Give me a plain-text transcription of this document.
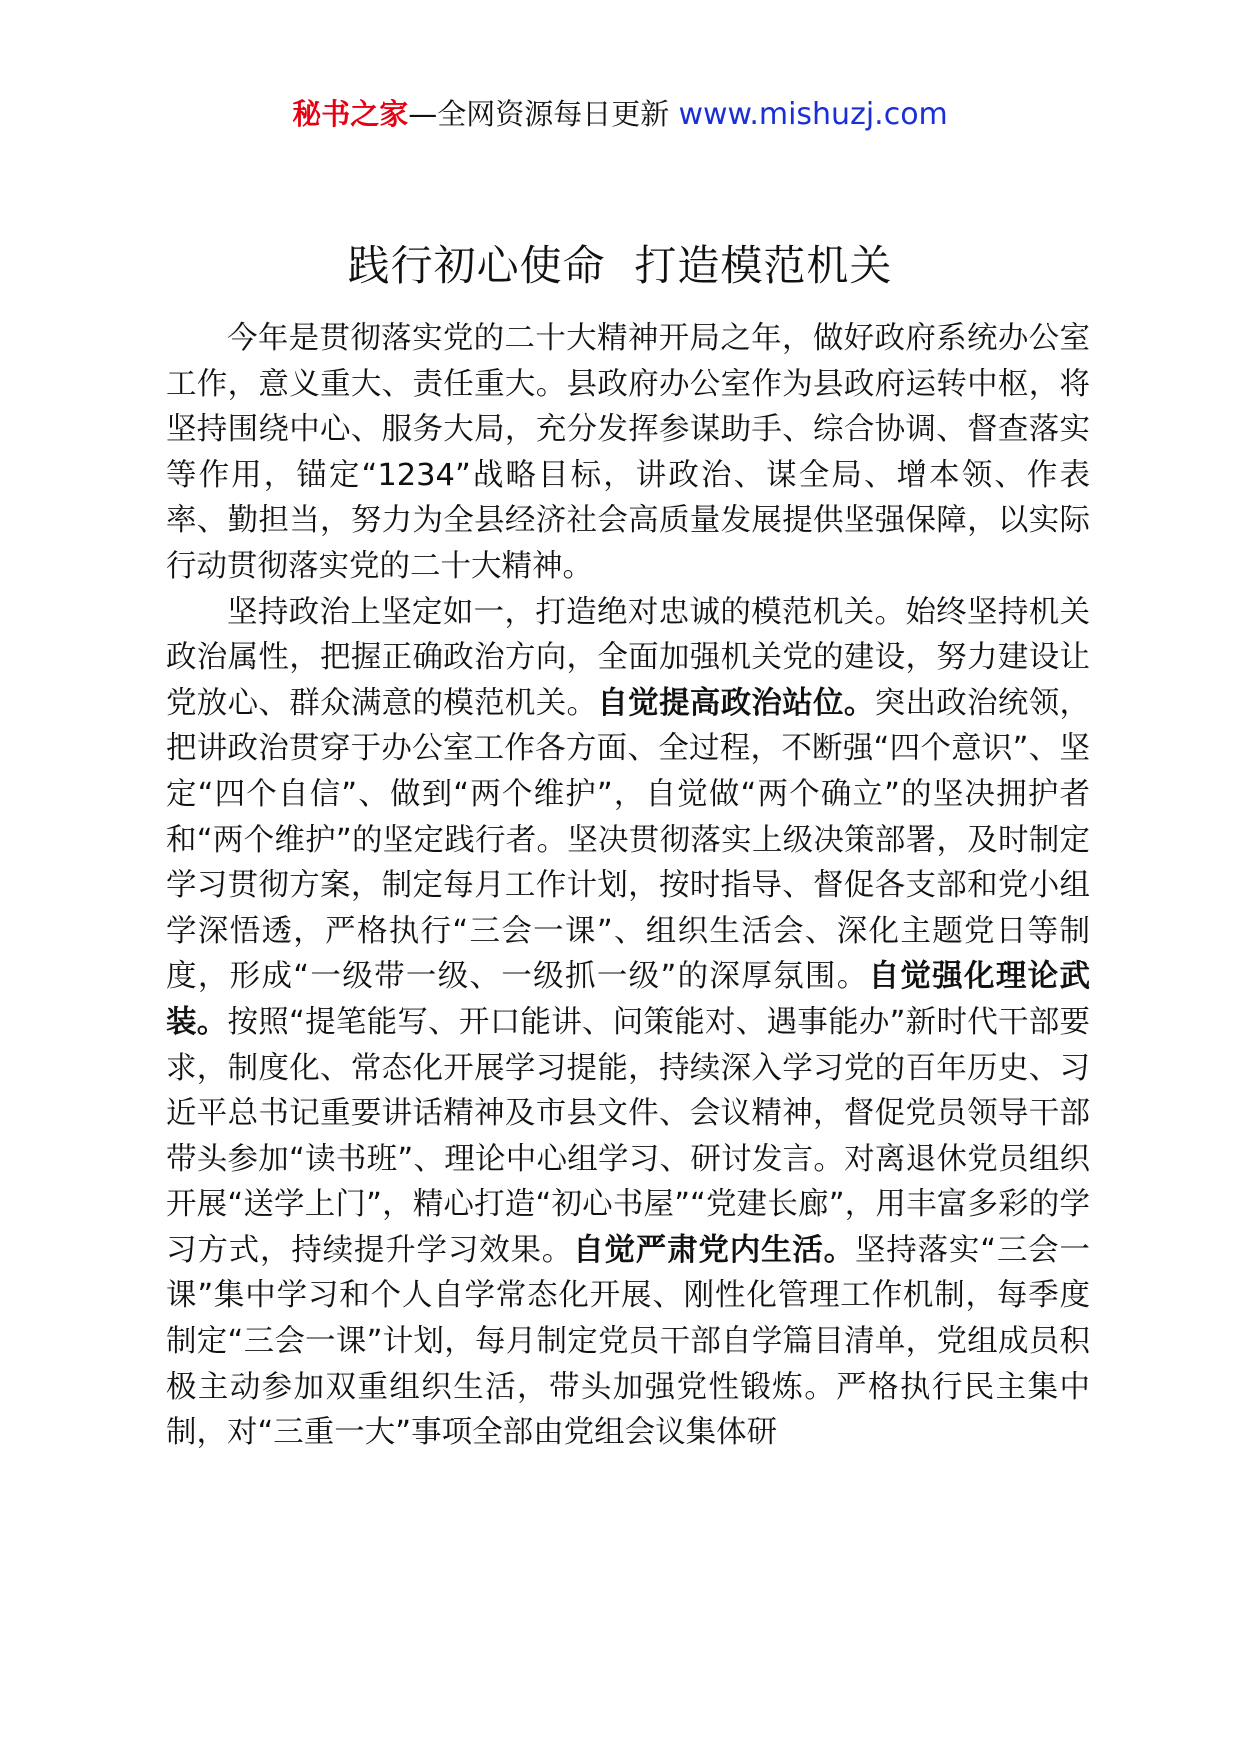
秘书之家—全网资源每日更新 www.mishuzj.com
践行初心使命  打造模范机关

今年是贯彻落实党的二十大精神开局之年，做好政府系统办公室工作，意义重大、责任重大。县政府办公室作为县政府运转中枢，将坚持围绕中心、服务大局，充分发挥参谋助手、综合协调、督查落实等作用，锚定“1234”战略目标，讲政治、谋全局、增本领、作表率、勤担当，努力为全县经济社会高质量发展提供坚强保障，以实际行动贯彻落实党的二十大精神。

坚持政治上坚定如一，打造绝对忠诚的模范机关。始终坚持机关政治属性，把握正确政治方向，全面加强机关党的建设，努力建设让党放心、群众满意的模范机关。自觉提高政治站位。突出政治统领，把讲政治贯穿于办公室工作各方面、全过程，不断强“四个意识”、坚定“四个自信”、做到“两个维护”，自觉做“两个确立”的坚决拥护者和“两个维护”的坚定践行者。坚决贯彻落实上级决策部署，及时制定学习贯彻方案，制定每月工作计划，按时指导、督促各支部和党小组学深悟透，严格执行“三会一课”、组织生活会、深化主题党日等制度，形成“一级带一级、一级抓一级”的深厚氛围。自觉强化理论武装。按照“提笔能写、开口能讲、问策能对、遇事能办”新时代干部要求，制度化、常态化开展学习提能，持续深入学习党的百年历史、习近平总书记重要讲话精神及市县文件、会议精神，督促党员领导干部带头参加“读书班”、理论中心组学习、研讨发言。对离退休党员组织开展“送学上门”，精心打造“初心书屋”“党建长廊”，用丰富多彩的学习方式，持续提升学习效果。自觉严肃党内生活。坚持落实“三会一课”集中学习和个人自学常态化开展、刚性化管理工作机制，每季度制定“三会一课”计划，每月制定党员干部自学篇目清单，党组成员积极主动参加双重组织生活，带头加强党性锻炼。严格执行民主集中制，对“三重一大”事项全部由党组会议集体研
